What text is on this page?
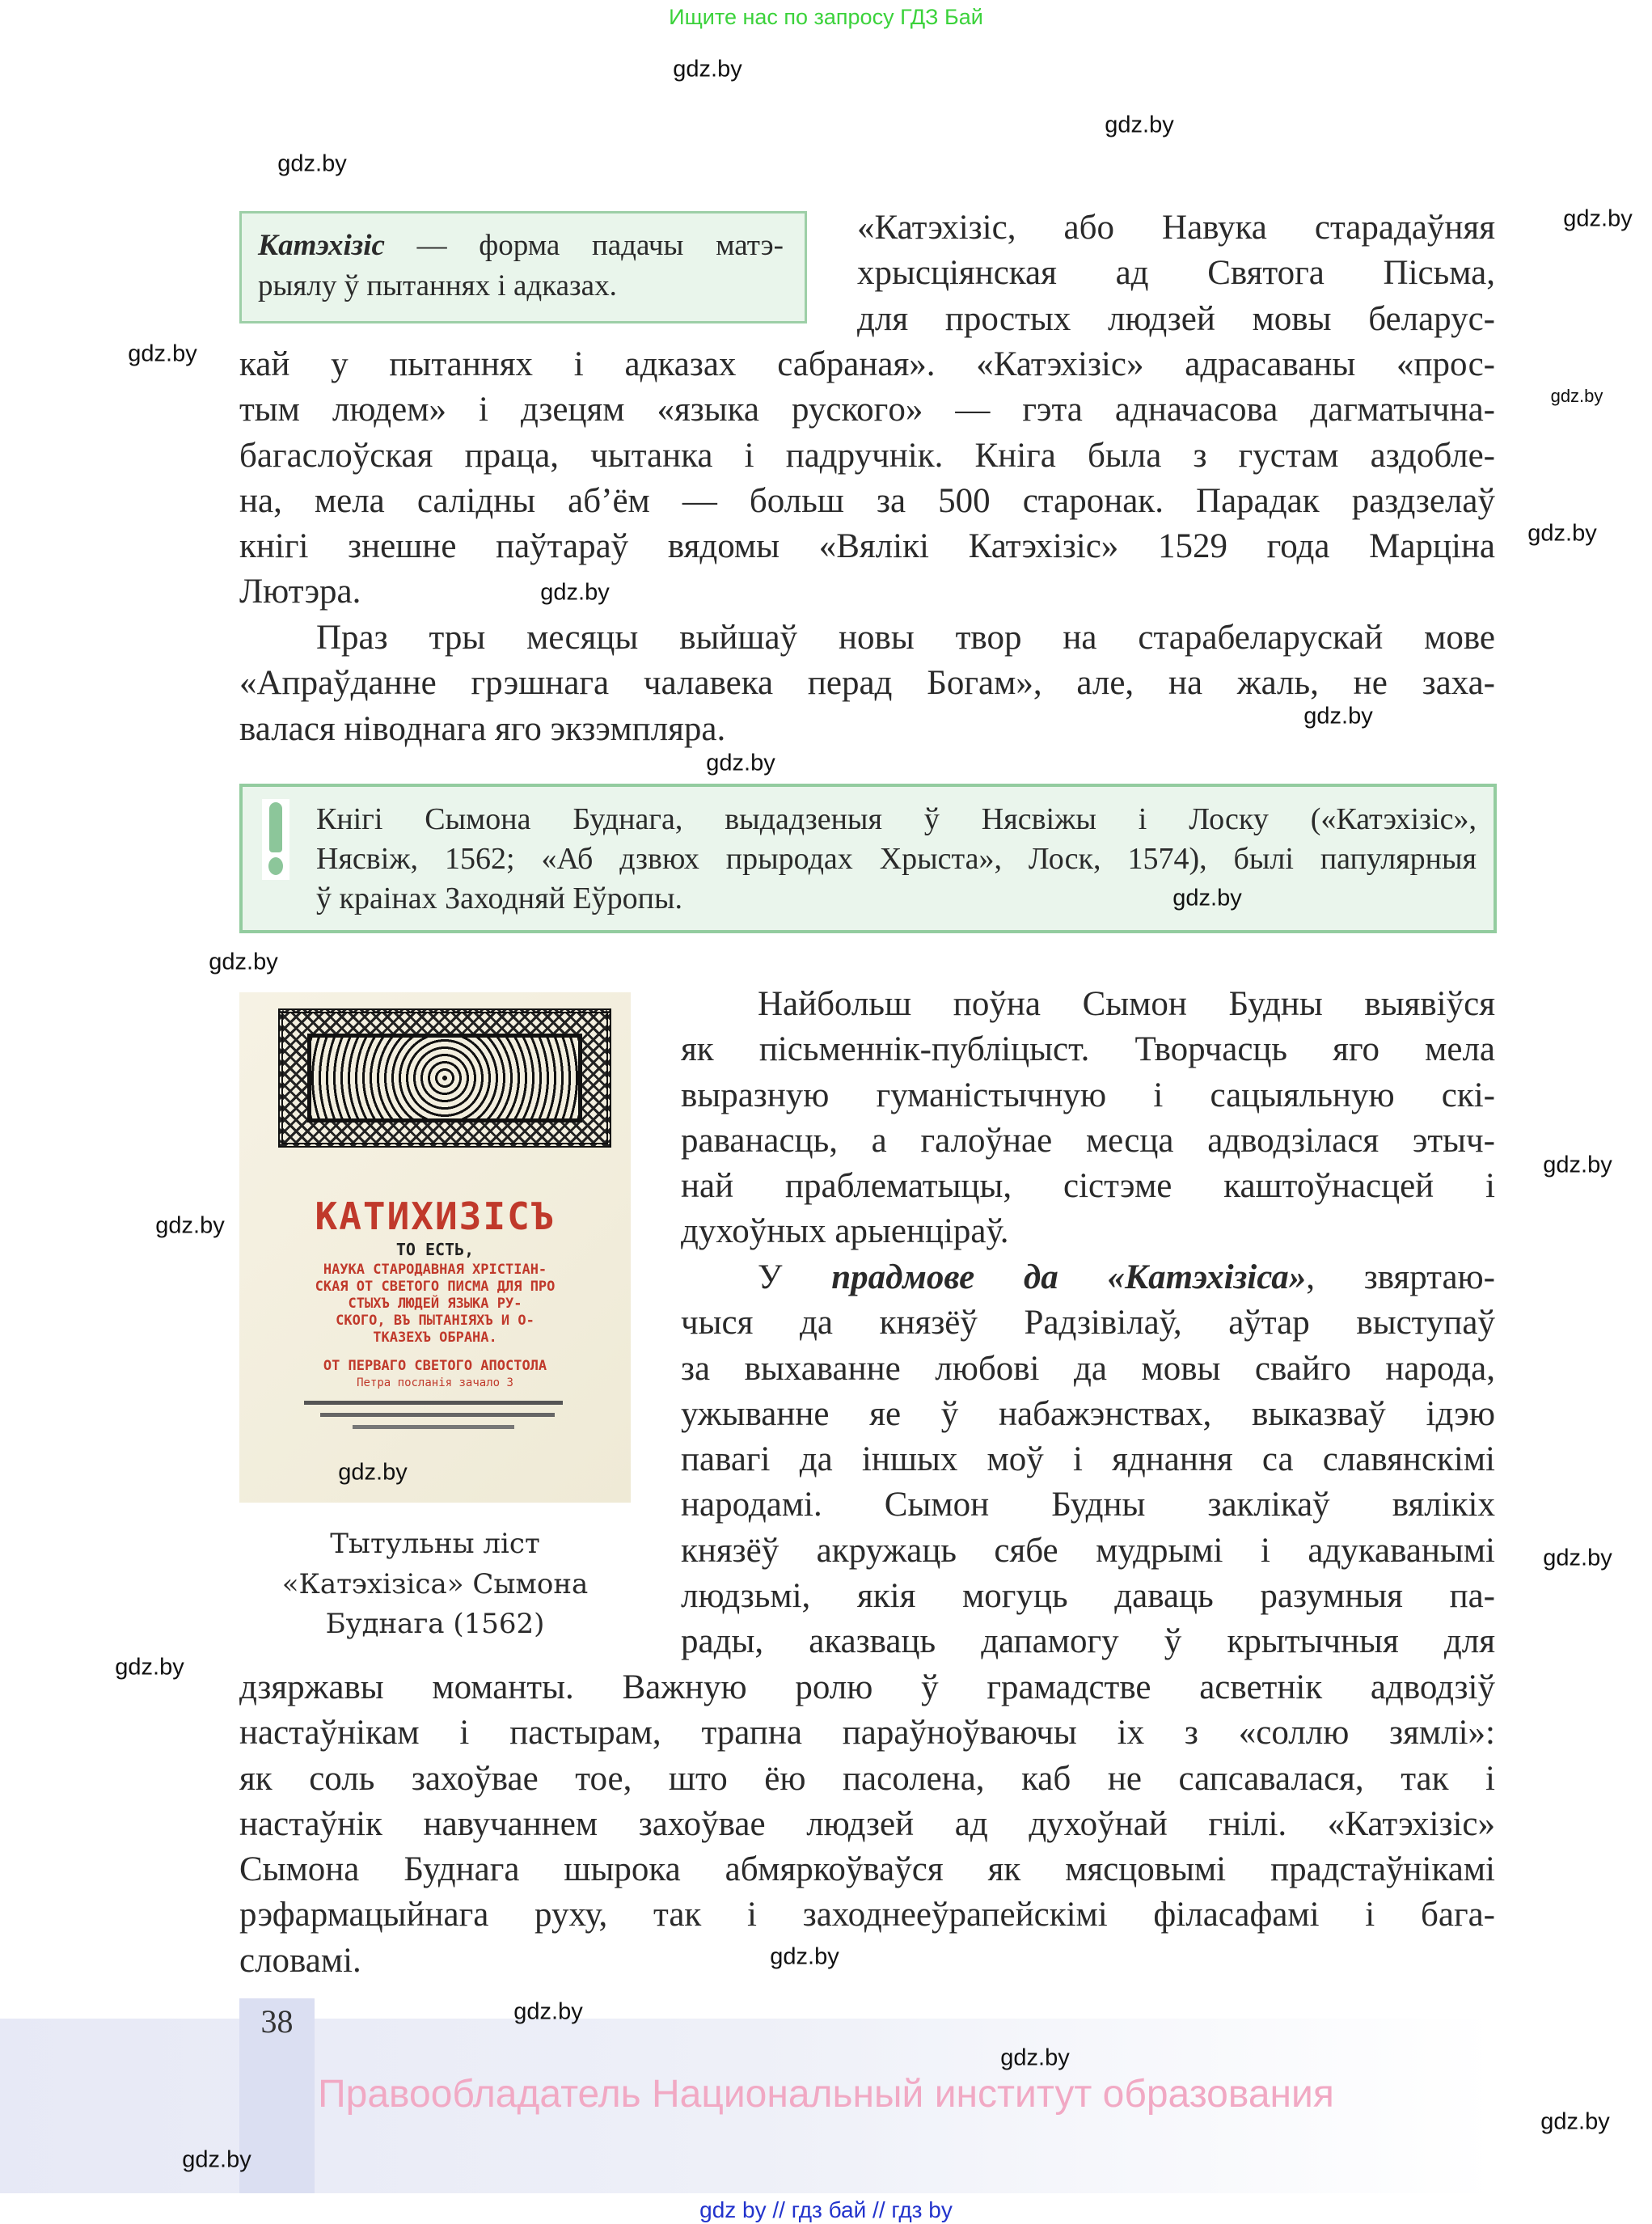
Ищите нас по запросу ГДЗ Бай
Катэхізіс — форма падачы матэ-
рыялу ў пытаннях і адказах.
«Катэхізіс, або Навука старадаўняя
хрысціянская ад Святога Пісьма,
для простых людзей мовы беларус-
кай у пытаннях і адказах сабраная». «Катэхізіс» адрасаваны «прос-
тым людем» і дзецям «языка рускогo» — гэта адначасова дагматычна-
багаслоўская праца, чытанка і падручнік. Кніга была з густам аздобле-
на, мела салідны аб’ём — больш за 500 старонак. Парадак раздзелаў
кнігі знешне паўтараў вядомы «Вялікі Катэхізіс» 1529 года Марціна
Лютэра.
Праз тры месяцы выйшаў новы твор на старабеларускай мове
«Апраўданне грэшнага чалавека перад Богам», але, на жаль, не заха-
валася ніводнага яго экзэмпляра.
Кнігі Сымона Буднага, выдадзеныя ў Нясвіжы і Лоску («Катэхізіс»,
Нясвіж, 1562; «Аб дзвюх прыродах Хрыста», Лоск, 1574), былі папулярныя
ў краінах Заходняй Еўропы.
КАТИХИЗІСЪ
ТО ЕСТЬ,
НАУКА СТАРОДАВНАЯ ХРІСТІАН-
СКАЯ ОТ СВЕТОГО ПИСМА ДЛЯ ПРО
СТЫХЪ ЛЮДЕЙ ЯЗЫКА РУ-
СКОГО, ВЪ ПЫТАНІЯХЪ И О-
ТКАЗЕХЪ ОБРАНА.
ОТ ПЕРВАГО СВЕТОГО АПОСТОЛА
Петра посланія зачало 3
Тытульны ліст
«Катэхізіса» Сымона
Буднага (1562)
Найбольш поўна Сымон Будны выявіўся
як пісьменнік-публіцыст. Творчасць яго мела
выразную гуманістычную і сацыяльную скі-
раванасць, а галоўнае месца адводзілася этыч-
най праблематыцы, сістэме каштоўнасцей і
духоўных арыенціраў.
У прадмове да «Катэхізіса», звяртаю-
чыся да князёў Радзівілаў, аўтар выступаў
за выхаванне любові да мовы свайго народа,
ужыванне яе ў набажэнствах, выказваў ідэю
павагі да іншых моў і яднання са славянскімі
народамі. Сымон Будны заклікаў вялікіх
князёў акружаць сябе мудрымі і адукаванымі
людзьмі, якія могуць даваць разумныя па-
рады, аказваць дапамогу ў крытычныя для
дзяржавы моманты. Важную ролю ў грамадстве асветнік адводзіў
настаўнікам і пастырам, трапна параўноўваючы іх з «соллю зямлі»:
як соль захоўвае тое, што ёю пасолена, каб не сапсавалася, так і
настаўнік навучаннем захоўвае людзей ад духоўнай гнілі. «Катэхізіс»
Сымона Буднага шырока абмяркоўваўся як мясцовымі прадстаўнікамі
рэфармацыйнага руху, так і заходнееўрапейскімі філасафамі і бага-
словамі.
38
Правообладатель Национальный институт образования
gdz by // гдз бай // гдз by
gdz.by
gdz.by
gdz.by
gdz.by
gdz.by
gdz.by
gdz.by
gdz.by
gdz.by
gdz.by
gdz.by
gdz.by
gdz.by
gdz.by
gdz.by
gdz.by
gdz.by
gdz.by
gdz.by
gdz.by
gdz.by
gdz.by
